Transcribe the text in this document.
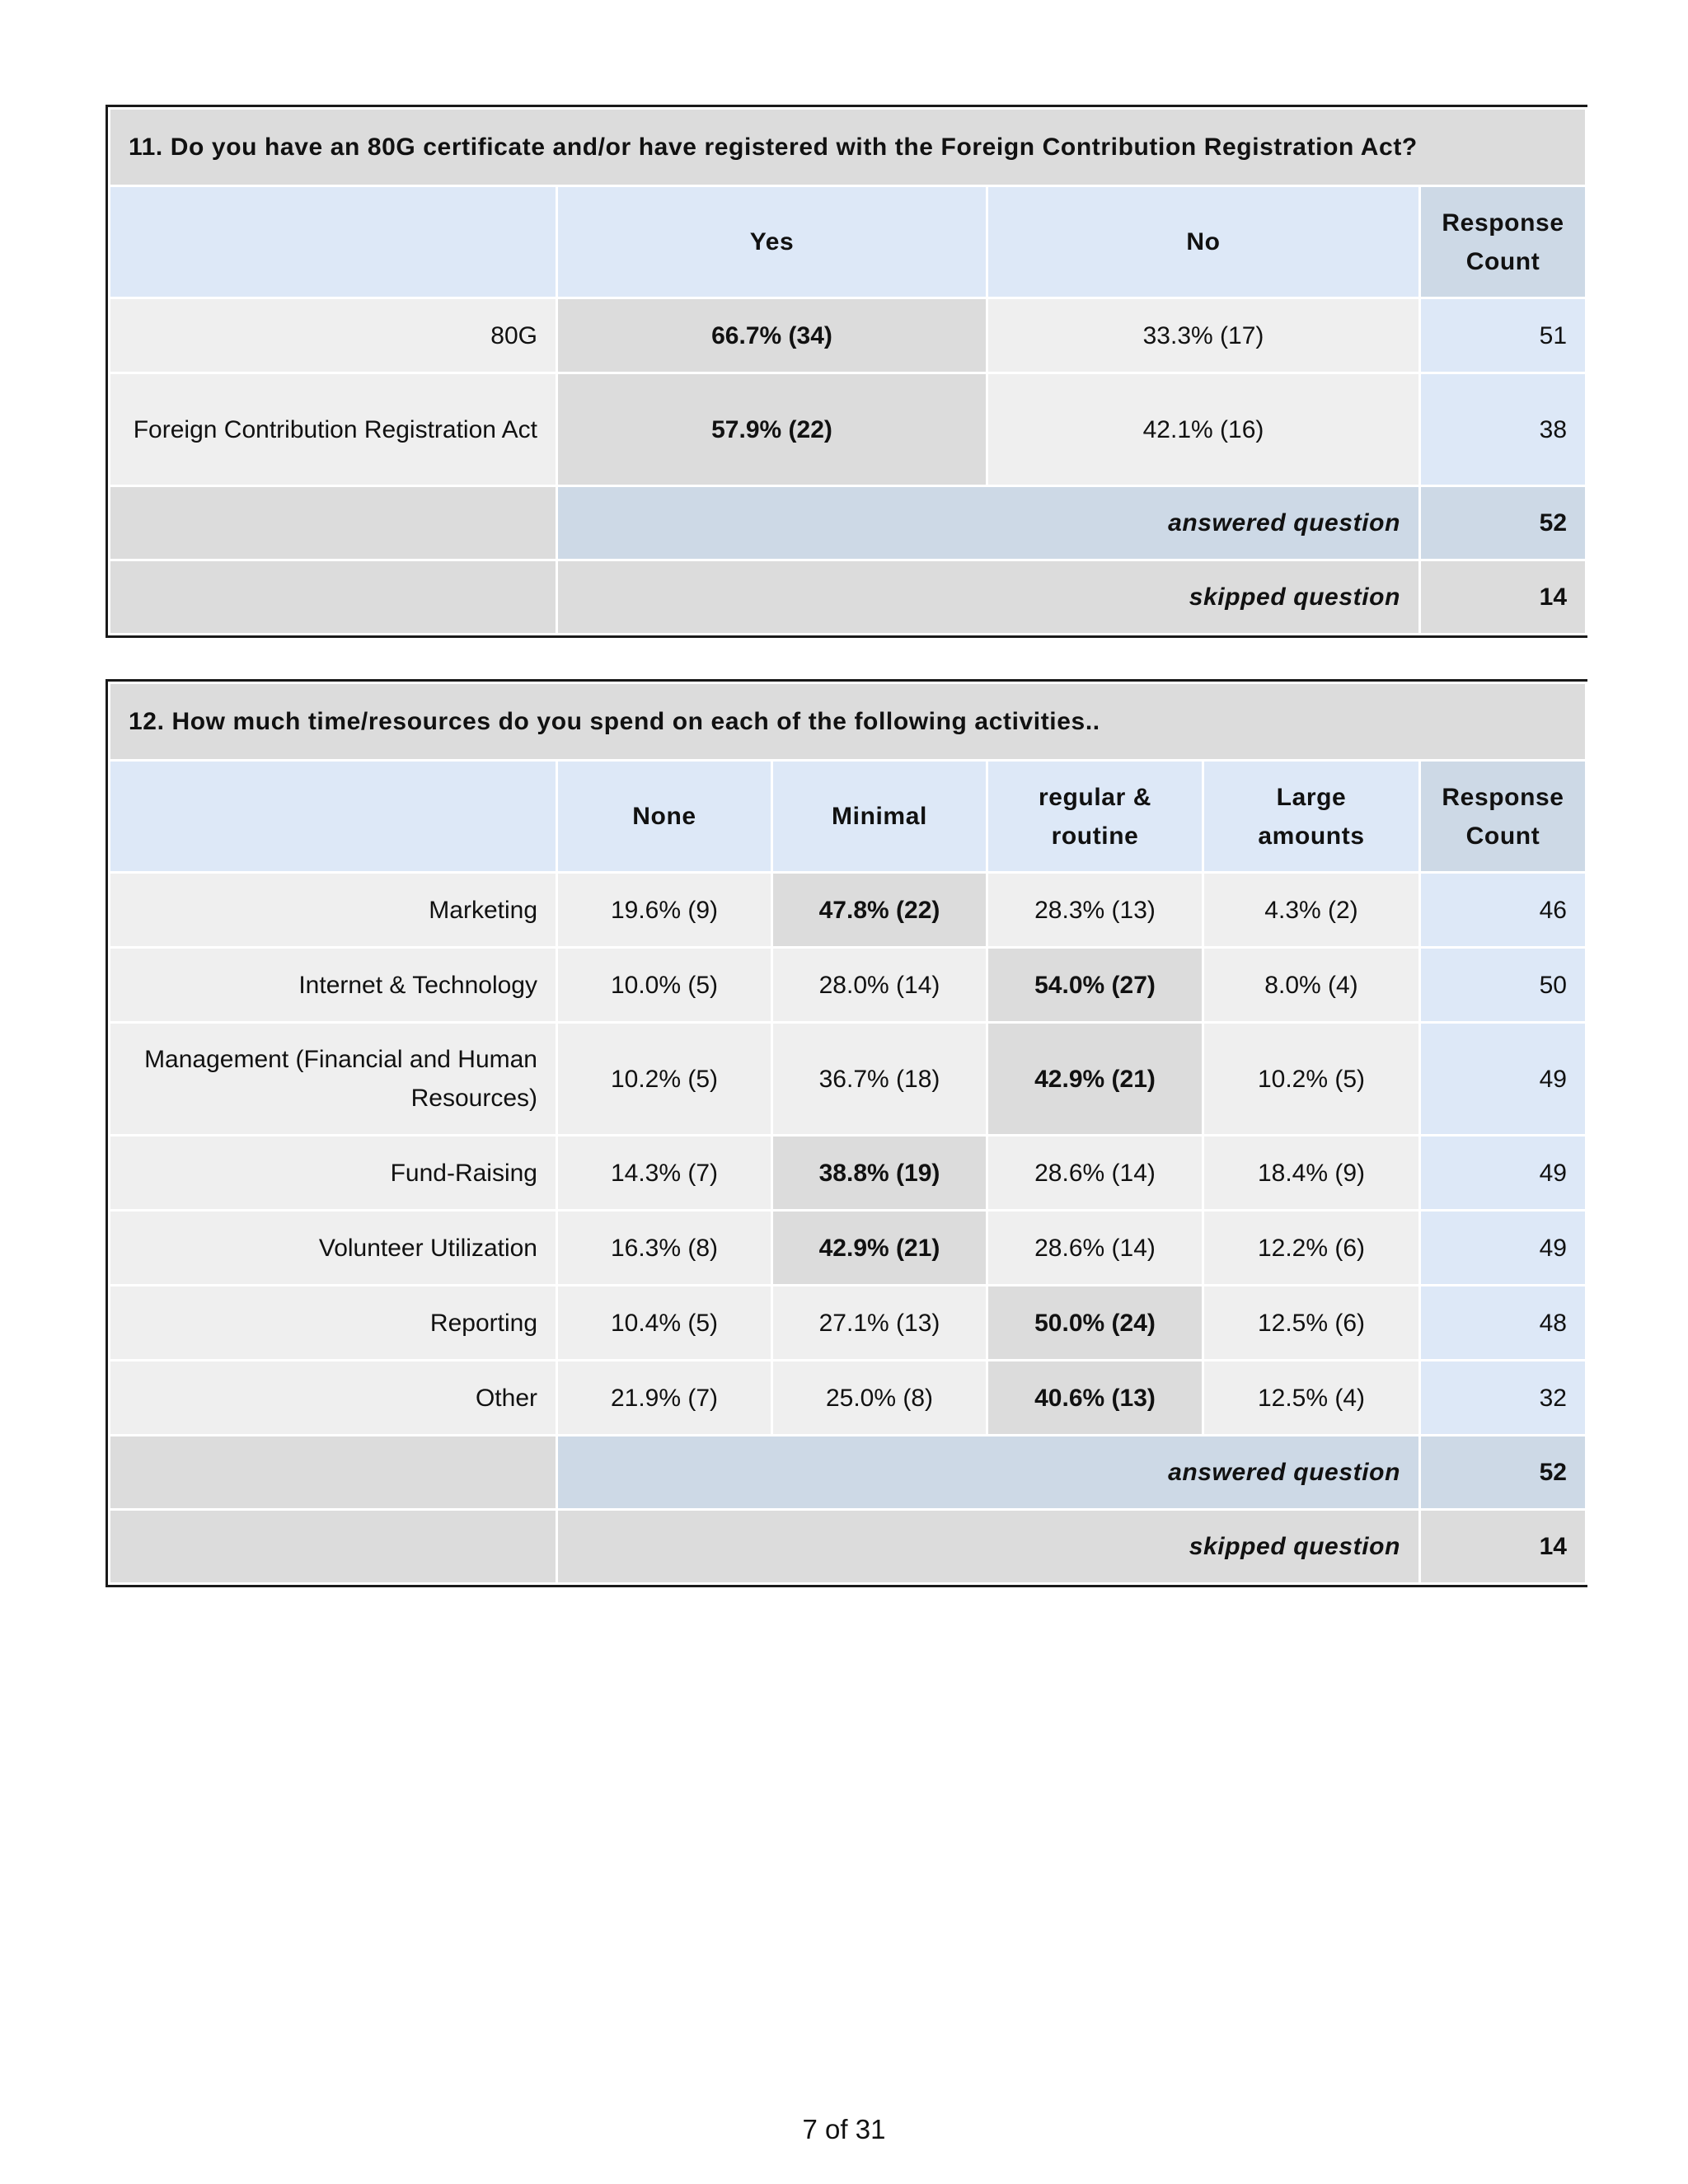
11. Do you have an 80G certificate and/or have registered with the Foreign Contribution Registration Act?			
	Yes	No	Response Count
80G	66.7% (34)	33.3% (17)	51
Foreign Contribution Registration Act	57.9% (22)	42.1% (16)	38
	answered question		52
	skipped question		14
12. How much time/resources do you spend on each of the following activities..					
	None	Minimal	regular & routine	Large amounts	Response Count
Marketing	19.6% (9)	47.8% (22)	28.3% (13)	4.3% (2)	46
Internet & Technology	10.0% (5)	28.0% (14)	54.0% (27)	8.0% (4)	50
Management (Financial and Human Resources)	10.2% (5)	36.7% (18)	42.9% (21)	10.2% (5)	49
Fund-Raising	14.3% (7)	38.8% (19)	28.6% (14)	18.4% (9)	49
Volunteer Utilization	16.3% (8)	42.9% (21)	28.6% (14)	12.2% (6)	49
Reporting	10.4% (5)	27.1% (13)	50.0% (24)	12.5% (6)	48
Other	21.9% (7)	25.0% (8)	40.6% (13)	12.5% (4)	32
	answered question				52
	skipped question				14
7 of 31
